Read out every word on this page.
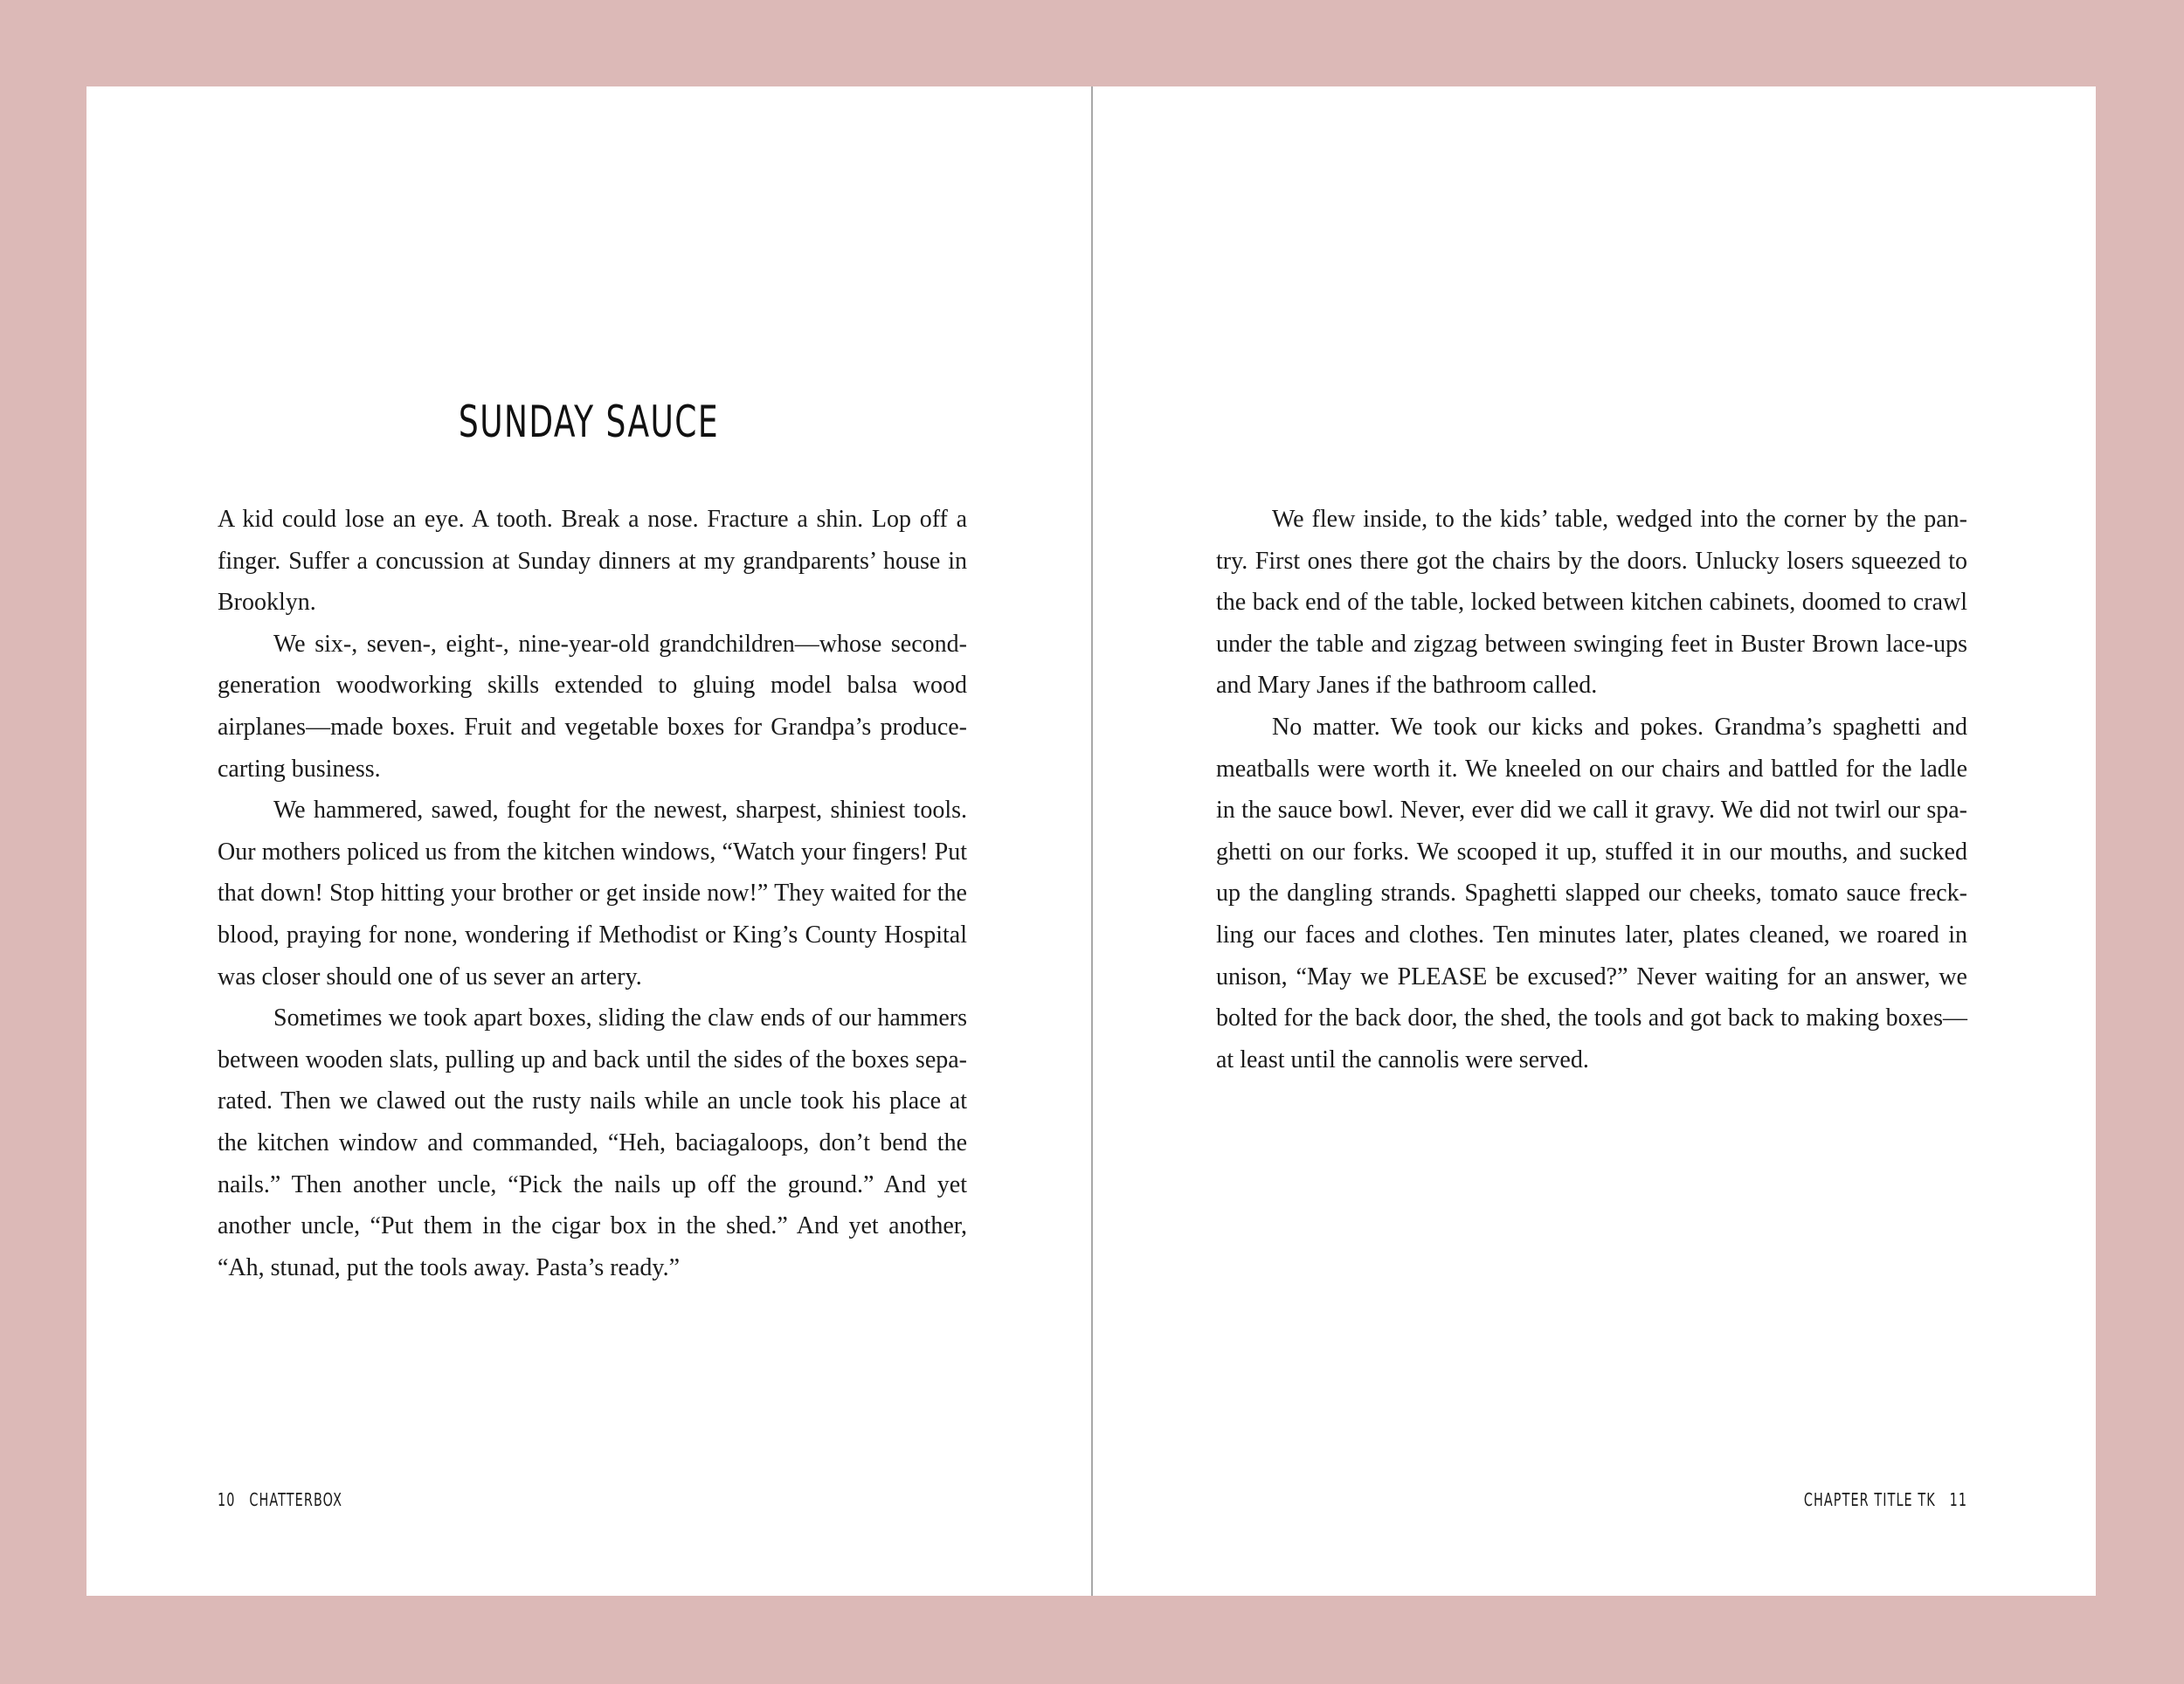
SUNDAY SAUCE

A kid could lose an eye. A tooth. Break a nose. Fracture a shin. Lop off a finger. Suffer a concussion at Sunday dinners at my grandparents’ house in Brooklyn.

We six-, seven-, eight-, nine-year-old grandchildren—whose second-generation woodworking skills extended to gluing model balsa wood airplanes—made boxes. Fruit and vegetable boxes for Grandpa’s produce-carting business.

We hammered, sawed, fought for the newest, sharpest, shiniest tools. Our mothers policed us from the kitchen windows, “Watch your fingers! Put that down! Stop hitting your brother or get inside now!” They waited for the blood, praying for none, wondering if Methodist or King’s County Hospital was closer should one of us sever an artery.

Sometimes we took apart boxes, sliding the claw ends of our hammers between wooden slats, pulling up and back until the sides of the boxes separated. Then we clawed out the rusty nails while an uncle took his place at the kitchen window and commanded, “Heh, baciagaloops, don’t bend the nails.” Then another uncle, “Pick the nails up off the ground.” And yet another uncle, “Put them in the cigar box in the shed.” And yet another, “Ah, stunad, put the tools away. Pasta’s ready.”

10 CHATTERBOX

We flew inside, to the kids’ table, wedged into the corner by the pantry. First ones there got the chairs by the doors. Unlucky losers squeezed to the back end of the table, locked between kitchen cabinets, doomed to crawl under the table and zigzag between swinging feet in Buster Brown lace-ups and Mary Janes if the bathroom called.

No matter. We took our kicks and pokes. Grandma’s spaghetti and meatballs were worth it. We kneeled on our chairs and battled for the ladle in the sauce bowl. Never, ever did we call it gravy. We did not twirl our spaghetti on our forks. We scooped it up, stuffed it in our mouths, and sucked up the dangling strands. Spaghetti slapped our cheeks, tomato sauce freckling our faces and clothes. Ten minutes later, plates cleaned, we roared in unison, “May we PLEASE be excused?” Never waiting for an answer, we bolted for the back door, the shed, the tools and got back to making boxes—at least until the cannolis were served.

CHAPTER TITLE TK 11
